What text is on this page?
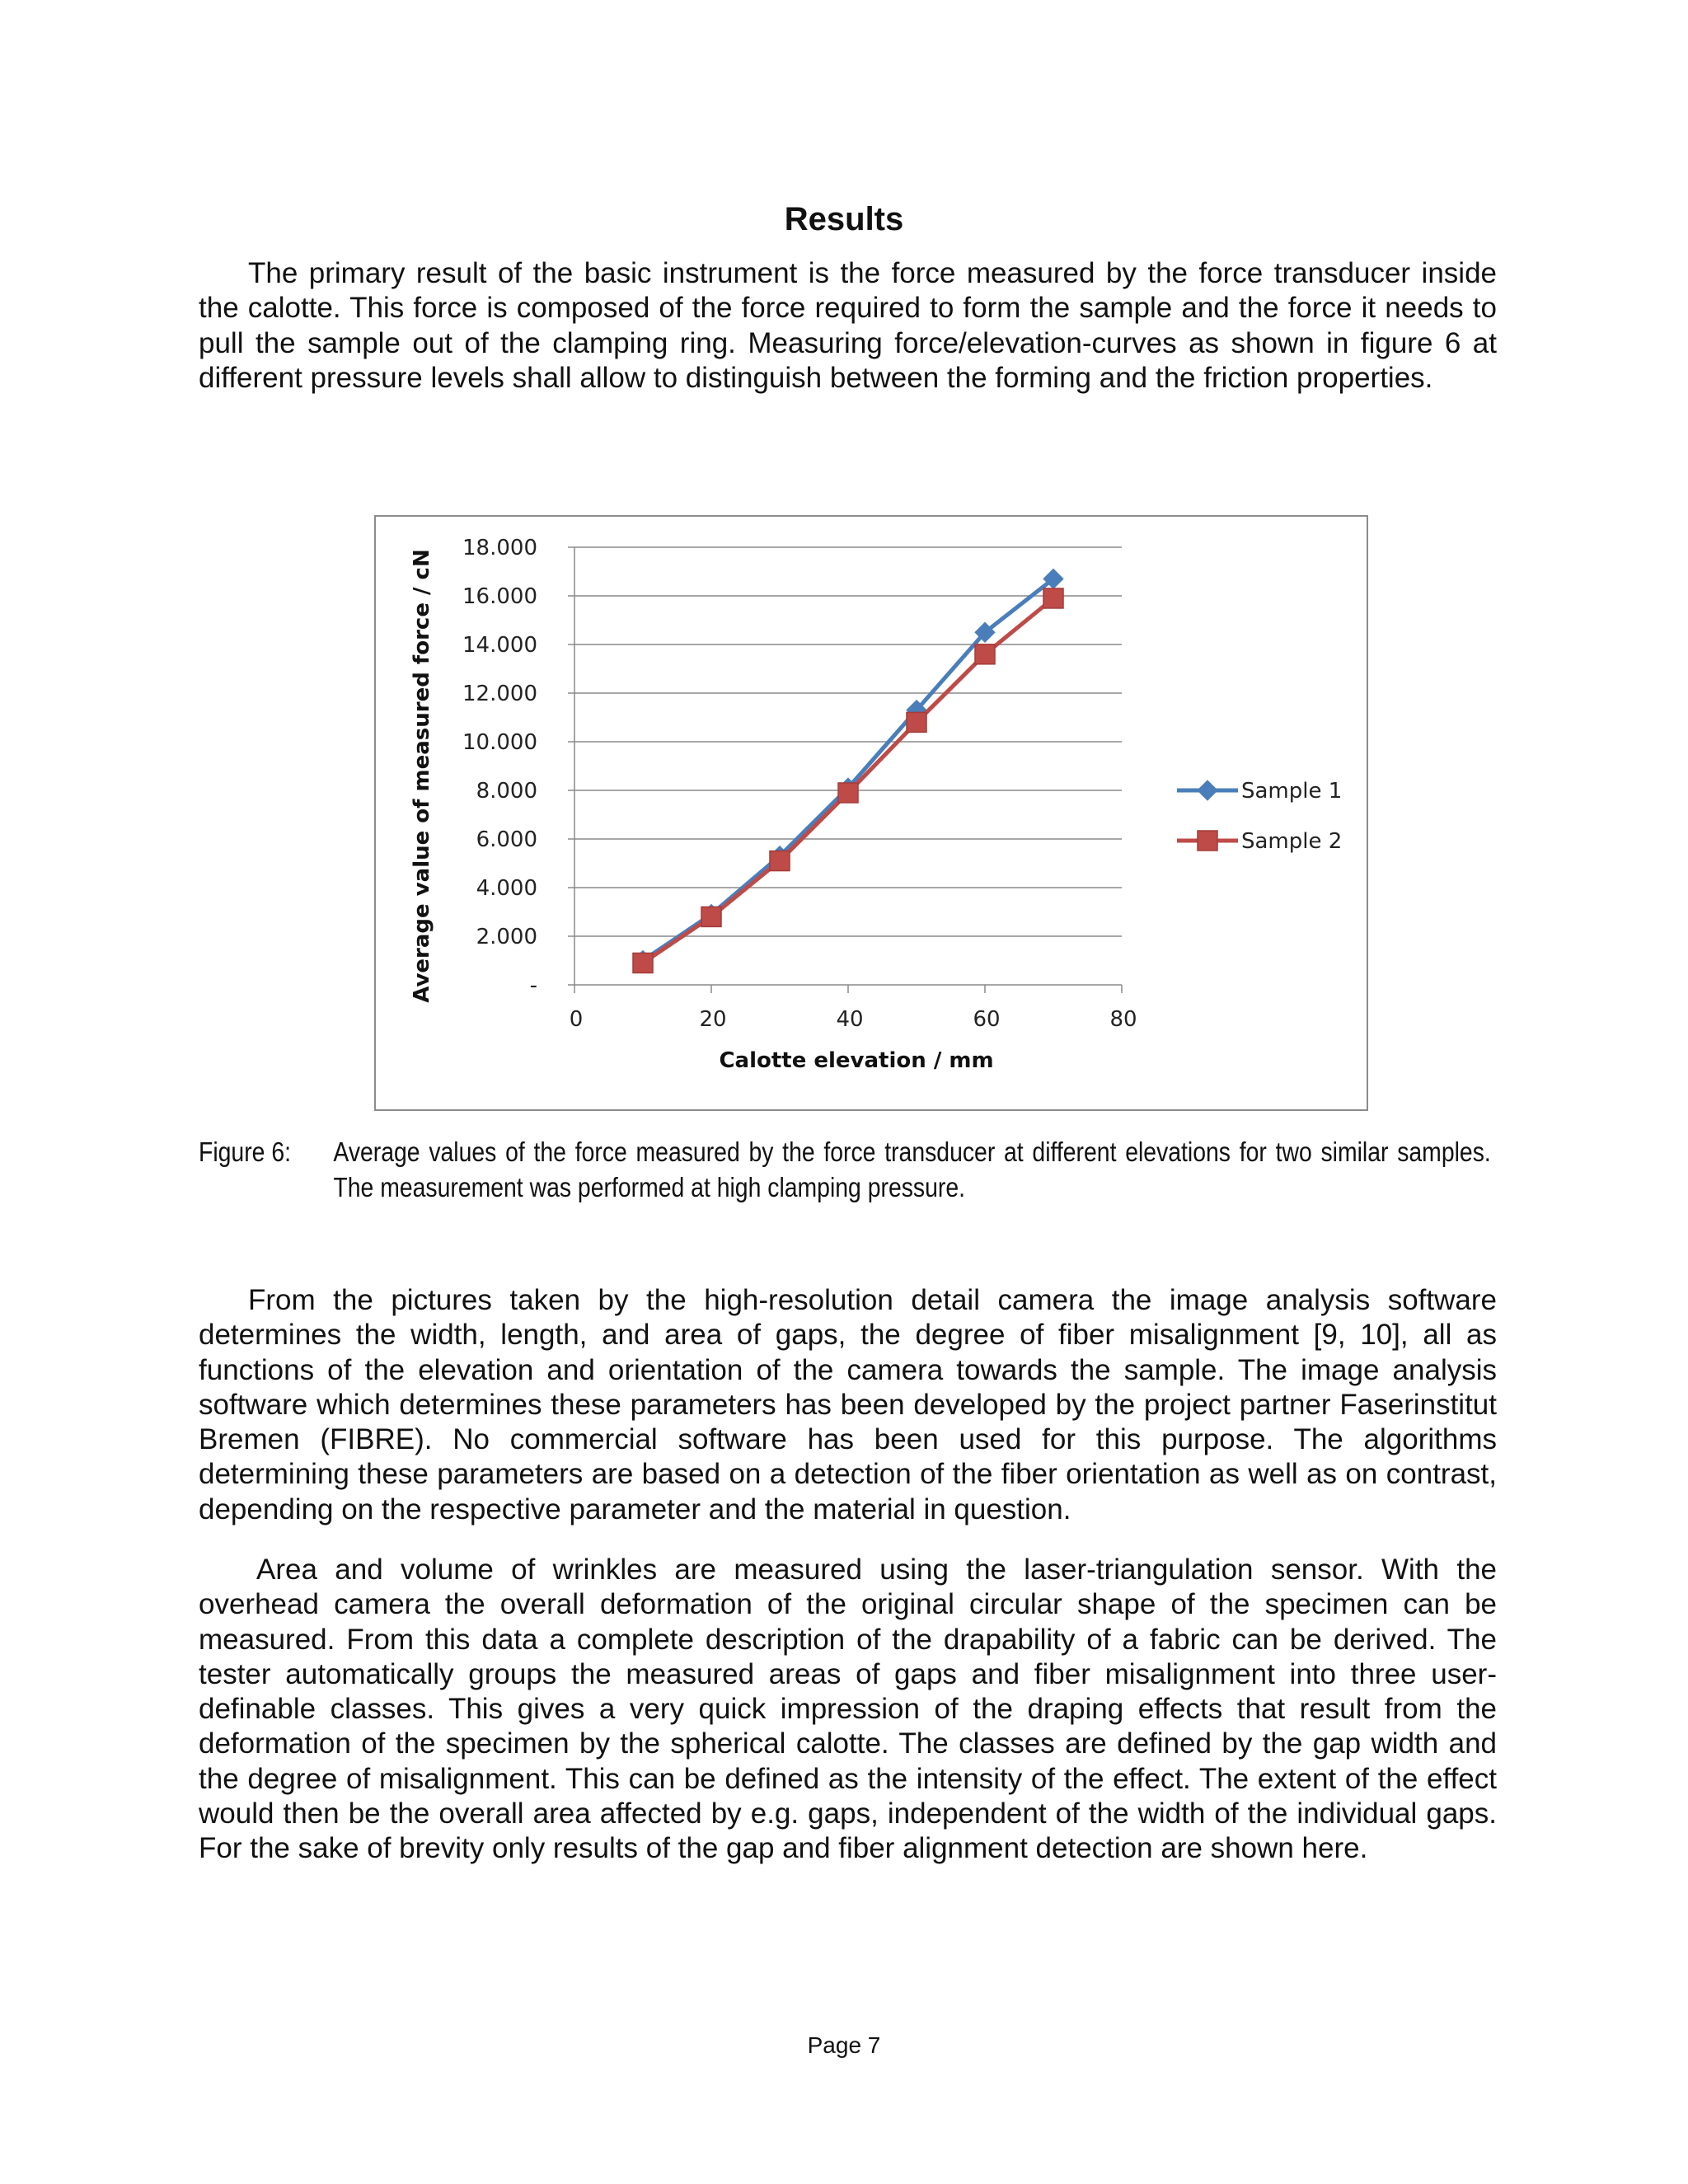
Results

The primary result of the basic instrument is the force measured by the force transducer inside the calotte. This force is composed of the force required to form the sample and the force it needs to pull the sample out of the clamping ring. Measuring force/elevation-curves as shown in figure 6 at different pressure levels shall allow to distinguish between the forming and the friction properties.

-
2.000
4.000
6.000
8.000
10.000
12.000
14.000
16.000
18.000
0	20	40	60	80
Calotte elevation / mm
Average value of measured force / cN	Sample 1
Sample 2
Figure 6: Average values of the force measured by the force transducer at different elevations for two similar samples. The measurement was performed at high clamping pressure.

From the pictures taken by the high-resolution detail camera the image analysis software determines the width, length, and area of gaps, the degree of fiber misalignment [9, 10], all as functions of the elevation and orientation of the camera towards the sample. The image analysis software which determines these parameters has been developed by the project partner Faserinstitut Bremen (FIBRE). No commercial software has been used for this purpose. The algorithms determining these parameters are based on a detection of the fiber orientation as well as on contrast, depending on the respective parameter and the material in question.

Area and volume of wrinkles are measured using the laser-triangulation sensor. With the overhead camera the overall deformation of the original circular shape of the specimen can be measured. From this data a complete description of the drapability of a fabric can be derived. The tester automatically groups the measured areas of gaps and fiber misalignment into three user-definable classes. This gives a very quick impression of the draping effects that result from the deformation of the specimen by the spherical calotte. The classes are defined by the gap width and the degree of misalignment. This can be defined as the intensity of the effect. The extent of the effect would then be the overall area affected by e.g. gaps, independent of the width of the individual gaps. For the sake of brevity only results of the gap and fiber alignment detection are shown here.

Page 7
